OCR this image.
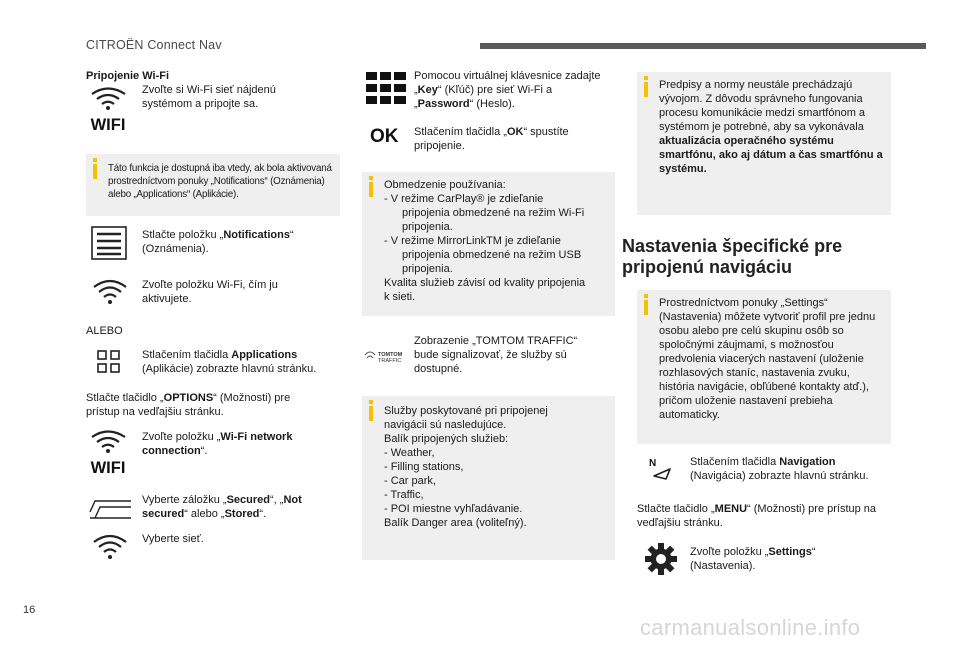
CITROËN Connect Nav
Pripojenie Wi-Fi
WIFI
Zvoľte si Wi-Fi sieť nájdenú systémom a pripojte sa.
Táto funkcia je dostupná iba vtedy, ak bola aktivovaná prostredníctvom ponuky „Notifications“ (Oznámenia) alebo „Applications“ (Aplikácie).
Stlačte položku „Notifications“ (Oznámenia).
Zvoľte položku Wi-Fi, čím ju aktivujete.
ALEBO
Stlačením tlačidla Applications (Aplikácie) zobrazte hlavnú stránku.
Stlačte tlačidlo „OPTIONS“ (Možnosti) pre prístup na vedľajšiu stránku.
WIFI
Zvoľte položku „Wi-Fi network connection“.
Vyberte záložku „Secured“, „Not secured“ alebo „Stored“.
Vyberte sieť.
Pomocou virtuálnej klávesnice zadajte „Key“ (Kľúč) pre sieť Wi-Fi a „Password“ (Heslo).
OK Stlačením tlačidla „OK“ spustíte pripojenie.
Obmedzenie používania:
- V režime CarPlay® je zdieľanie
pripojenia obmedzené na režim Wi-Fi
pripojenia.
- V režime MirrorLinkTM je zdieľanie
pripojenia obmedzené na režim USB
pripojenia.
Kvalita služieb závisí od kvality pripojenia
k sieti.
TOMTOM
TRAFFIC
Zobrazenie „TOMTOM TRAFFIC“ bude signalizovať, že služby sú dostupné.
Služby poskytované pri pripojenej
navigácii sú nasledujúce.
Balík pripojených služieb:
- Weather,
- Filling stations,
- Car park,
- Traffic,
- POI miestne vyhľadávanie.
Balík Danger area (voliteľný).
Predpisy a normy neustále prechádzajú vývojom. Z dôvodu správneho fungovania procesu komunikácie medzi smartfónom a systémom je potrebné, aby sa vykonávala aktualizácia operačného systému smartfónu, ako aj dátum a čas smartfónu a systému.
Nastavenia špecifické pre pripojenú navigáciu
Prostredníctvom ponuky „Settings“ (Nastavenia) môžete vytvoriť profil pre jednu osobu alebo pre celú skupinu osôb so spoločnými záujmami, s možnosťou predvolenia viacerých nastavení (uloženie rozhlasových staníc, nastavenia zvuku, história navigácie, obľúbené kontakty atď.), pričom uloženie nastavení prebieha automaticky.
N	Stlačením tlačidla Navigation (Navigácia) zobrazte hlavnú stránku.
Stlačte tlačidlo „MENU“ (Možnosti) pre prístup na vedľajšiu stránku.
Zvoľte položku „Settings“ (Nastavenia).
16
carmanualsonline.info
